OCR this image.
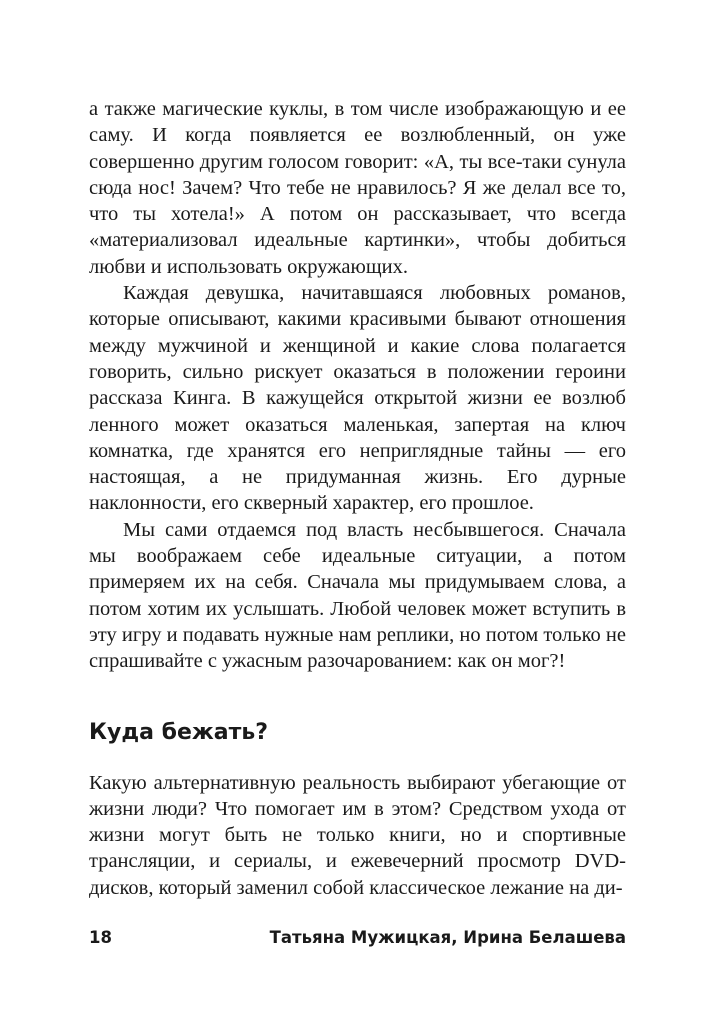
а также магические куклы, в том числе изображающую и ее саму. И когда появляется ее возлюбленный, он уже совершенно другим голосом говорит: «А, ты все-таки сунула сюда нос! Зачем? Что тебе не нравилось? Я же делал все то, что ты хотела!» А потом он рассказывает, что всегда «материализовал идеальные картинки», чтобы добиться любви и использовать окружающих.

Каждая девушка, начитавшаяся любовных романов, которые описывают, какими красивыми бывают отношения между мужчиной и женщиной и какие слова полагается говорить, сильно рискует оказаться в положении героини рассказа Кинга. В кажущейся открытой жизни ее возлюб ленного может оказаться маленькая, запертая на ключ комнатка, где хранятся его неприглядные тайны — его настоящая, а не придуманная жизнь. Его дурные наклонности, его скверный характер, его прошлое.

Мы сами отдаемся под власть несбывшегося. Сначала мы воображаем себе идеальные ситуации, а потом примеряем их на себя. Сначала мы придумываем слова, а потом хотим их услышать. Любой человек может вступить в эту игру и подавать нужные нам реплики, но потом только не спрашивайте с ужасным разочарованием: как он мог?!

Куда бежать?

Какую альтернативную реальность выбирают убегающие от жизни люди? Что помогает им в этом? Средством ухода от жизни могут быть не только книги, но и спортивные трансляции, и сериалы, и ежевечерний просмотр DVD-дисков, который заменил собой классическое лежание на ди-

18	Татьяна Мужицкая, Ирина Белашева
